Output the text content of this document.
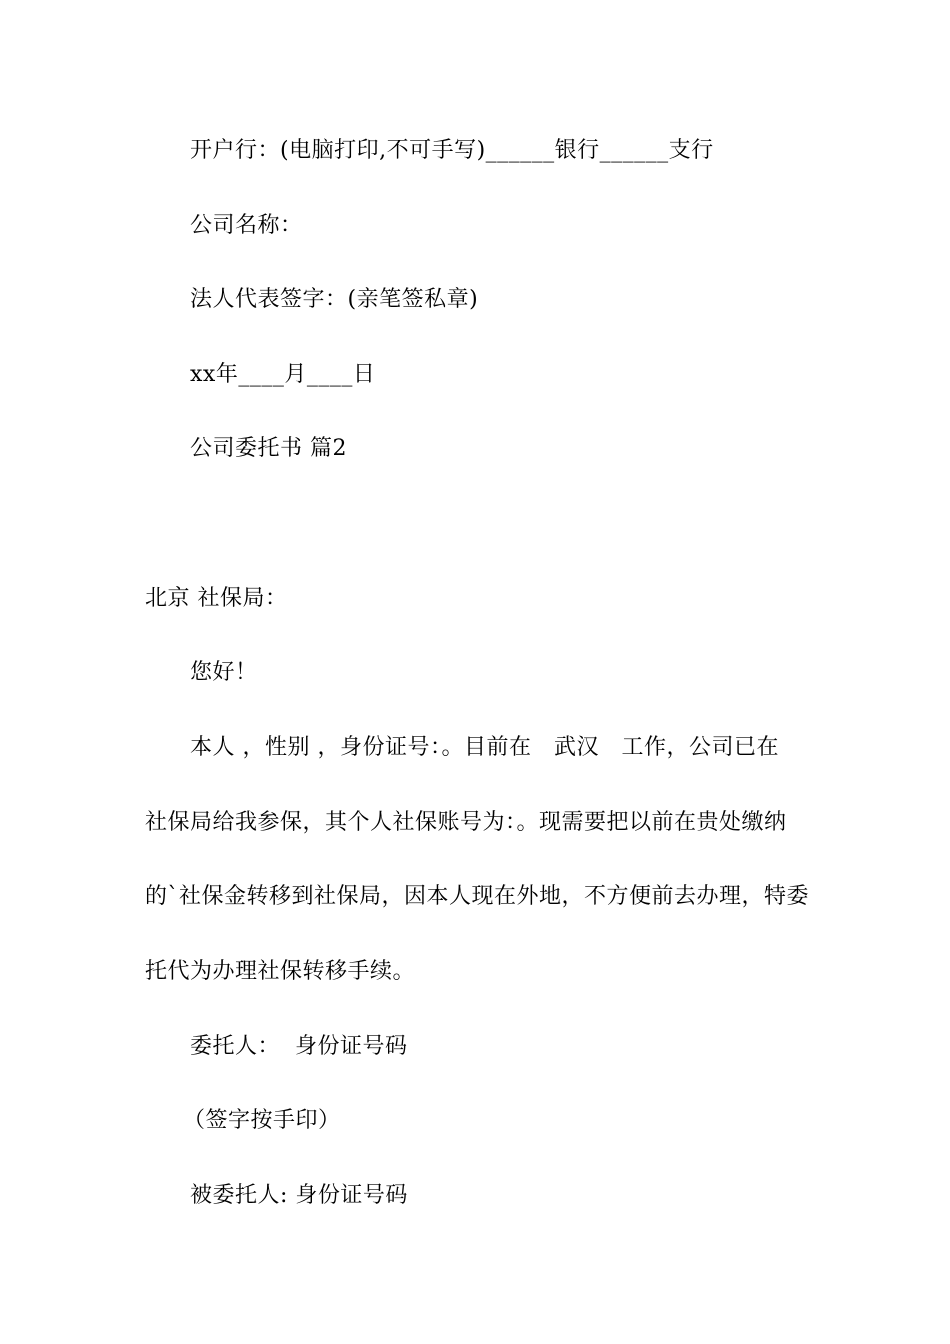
开户行：(电脑打印,不可手写)______银行______支行
公司名称：
法人代表签字：(亲笔签私章)
xx年____月____日
公司委托书 篇2
北京 社保局：
您好！
本人 ，性别 ，身份证号：。目前在   武汉   工作，公司已在
社保局给我参保，其个人社保账号为：。现需要把以前在贵处缴纳
的`社保金转移到社保局，因本人现在外地，不方便前去办理，特委
托代为办理社保转移手续。
委托人：  身份证号码
（签字按手印）
被委托人: 身份证号码
